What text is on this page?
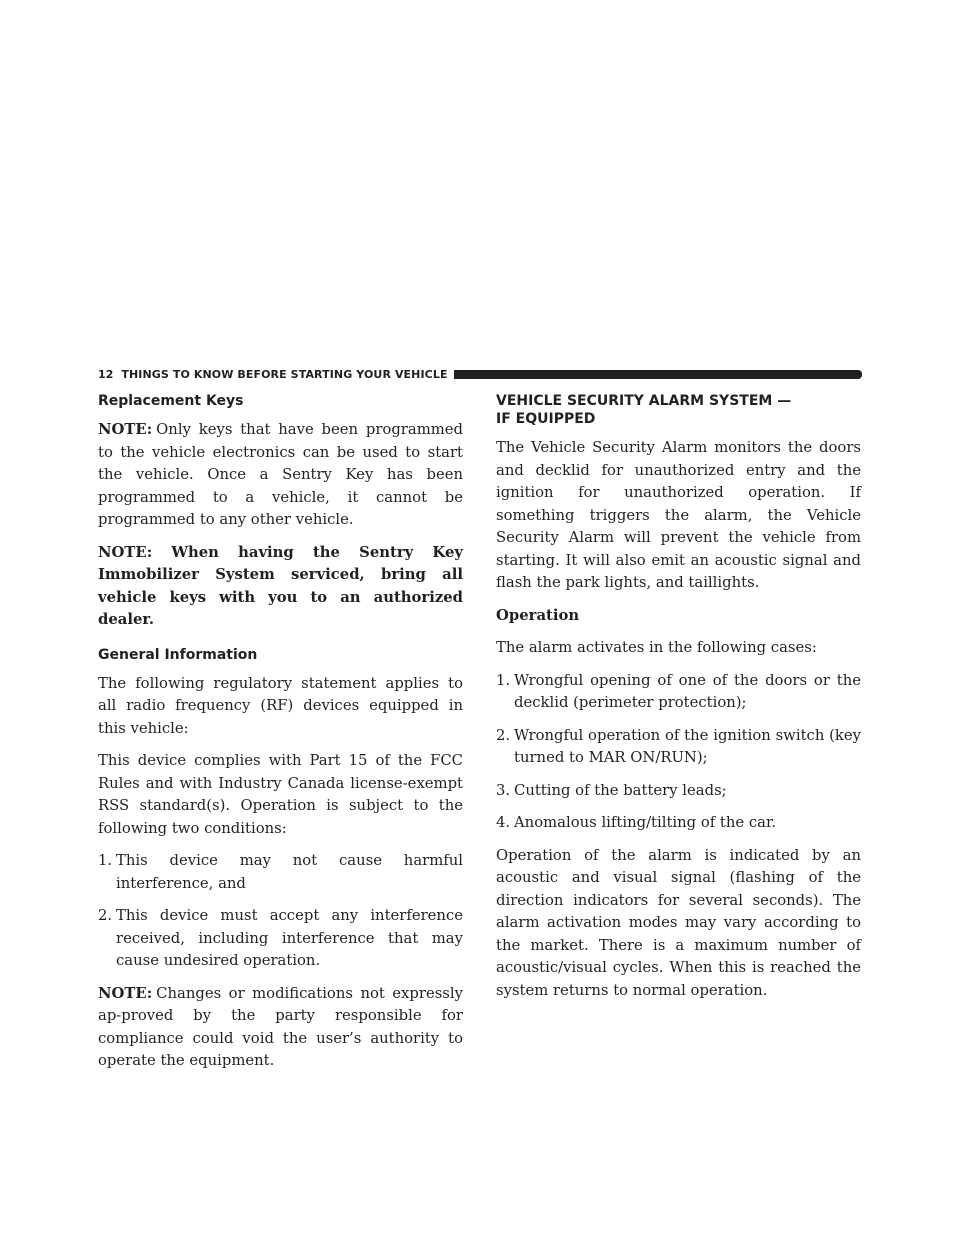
12 THINGS TO KNOW BEFORE STARTING YOUR VEHICLE
Replacement Keys

NOTE: Only keys that have been programmed to the vehicle electronics can be used to start the vehicle. Once a Sentry Key has been programmed to a vehicle, it cannot be programmed to any other vehicle.

NOTE: When having the Sentry Key Immobilizer System serviced, bring all vehicle keys with you to an authorized dealer.

General Information

The following regulatory statement applies to all radio frequency (RF) devices equipped in this vehicle:

This device complies with Part 15 of the FCC Rules and with Industry Canada license-exempt RSS standard(s). Operation is subject to the following two conditions:

1. This device may not cause harmful interference, and
2. This device must accept any interference received, including interference that may cause undesired operation.

NOTE: Changes or modifications not expressly ap-proved by the party responsible for compliance could void the user’s authority to operate the equipment.

VEHICLE SECURITY ALARM SYSTEM —
IF EQUIPPED

The Vehicle Security Alarm monitors the doors and decklid for unauthorized entry and the ignition for unauthorized operation. If something triggers the alarm, the Vehicle Security Alarm will prevent the vehicle from starting. It will also emit an acoustic signal and flash the park lights, and taillights.

Operation

The alarm activates in the following cases:

1. Wrongful opening of one of the doors or the decklid (perimeter protection);
2. Wrongful operation of the ignition switch (key turned to MAR ON/RUN);
3. Cutting of the battery leads;
4. Anomalous lifting/tilting of the car.

Operation of the alarm is indicated by an acoustic and visual signal (flashing of the direction indicators for several seconds). The alarm activation modes may vary according to the market. There is a maximum number of acoustic/visual cycles. When this is reached the system returns to normal operation.
